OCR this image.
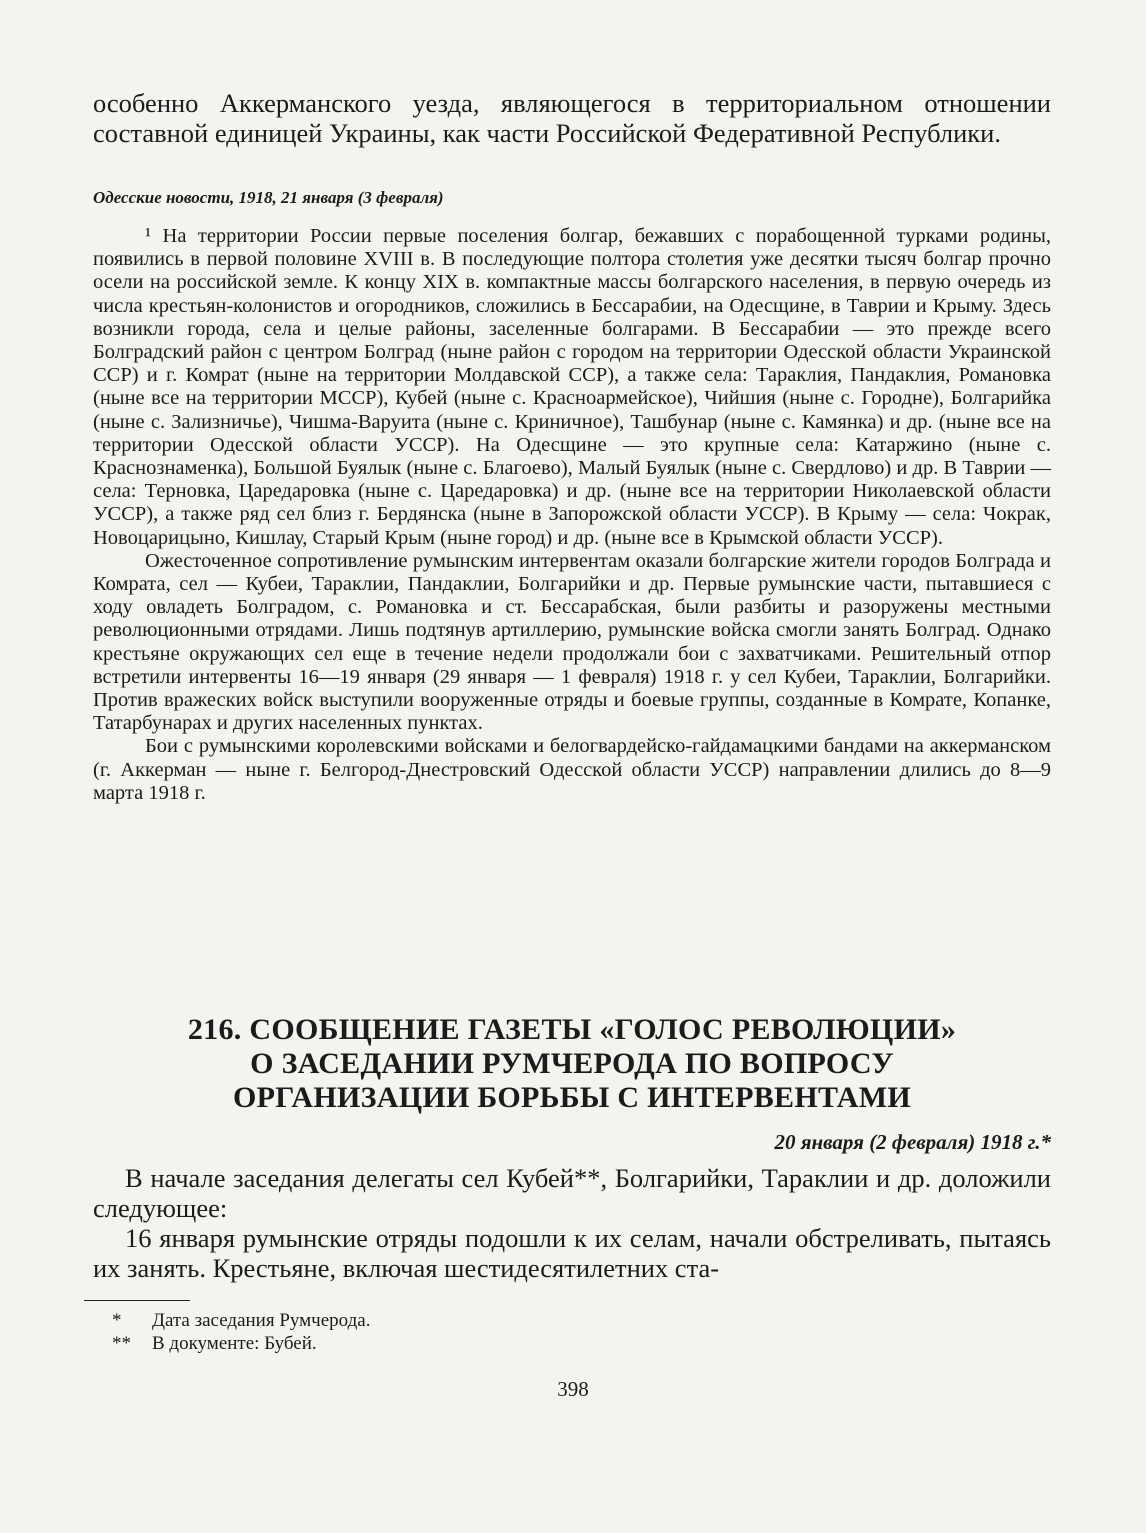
особенно Аккерманского уезда, являющегося в территориальном отношении составной единицей Украины, как части Российской Федеративной Республики.

Одесские новости, 1918, 21 января (3 февраля)

¹ На территории России первые поселения болгар, бежавших с порабощенной турками родины, появились в первой половине XVIII в. В последующие полтора столетия уже десятки тысяч болгар прочно осели на российской земле. К концу XIX в. компактные массы болгарского населения, в первую очередь из числа крестьян-колонистов и огородников, сложились в Бессарабии, на Одесщине, в Таврии и Крыму. Здесь возникли города, села и целые районы, заселенные болгарами. В Бессарабии — это прежде всего Болградский район с центром Болград (ныне район с городом на территории Одесской области Украинской ССР) и г. Комрат (ныне на территории Молдавской ССР), а также села: Тараклия, Пандаклия, Романовка (ныне все на территории МССР), Кубей (ныне с. Красноармейское), Чийшия (ныне с. Городне), Болгарийка (ныне с. Зализничье), Чишма-Варуита (ныне с. Криничное), Ташбунар (ныне с. Камянка) и др. (ныне все на территории Одесской области УССР). На Одесщине — это крупные села: Катаржино (ныне с. Краснознаменка), Большой Буялык (ныне с. Благоево), Малый Буялык (ныне с. Свердлово) и др. В Таврии — села: Терновка, Царедаровка (ныне с. Царедаровка) и др. (ныне все на территории Николаевской области УССР), а также ряд сел близ г. Бердянска (ныне в Запорожской области УССР). В Крыму — села: Чокрак, Новоцарицыно, Кишлау, Старый Крым (ныне город) и др. (ныне все в Крымской области УССР).

Ожесточенное сопротивление румынским интервентам оказали болгарские жители городов Болграда и Комрата, сел — Кубеи, Тараклии, Пандаклии, Болгарийки и др. Первые румынские части, пытавшиеся с ходу овладеть Болградом, с. Романовка и ст. Бессарабская, были разбиты и разоружены местными революционными отрядами. Лишь подтянув артиллерию, румынские войска смогли занять Болград. Однако крестьяне окружающих сел еще в течение недели продолжали бои с захватчиками. Решительный отпор встретили интервенты 16—19 января (29 января — 1 февраля) 1918 г. у сел Кубеи, Тараклии, Болгарийки. Против вражеских войск выступили вооруженные отряды и боевые группы, созданные в Комрате, Копанке, Татарбунарах и других населенных пунктах.

Бои с румынскими королевскими войсками и белогвардейско-гайдамацкими бандами на аккерманском (г. Аккерман — ныне г. Белгород-Днестровский Одесской области УССР) направлении длились до 8—9 марта 1918 г.

216. СООБЩЕНИЕ ГАЗЕТЫ «ГОЛОС РЕВОЛЮЦИИ»
О ЗАСЕДАНИИ РУМЧЕРОДА ПО ВОПРОСУ
ОРГАНИЗАЦИИ БОРЬБЫ С ИНТЕРВЕНТАМИ
20 января (2 февраля) 1918 г.*

В начале заседания делегаты сел Кубей**, Болгарийки, Тараклии и др. доложили следующее:

16 января румынские отряды подошли к их селам, начали обстреливать, пытаясь их занять. Крестьяне, включая шестидесятилетних ста-

* Дата заседания Румчерода.
** В документе: Бубей.
398
